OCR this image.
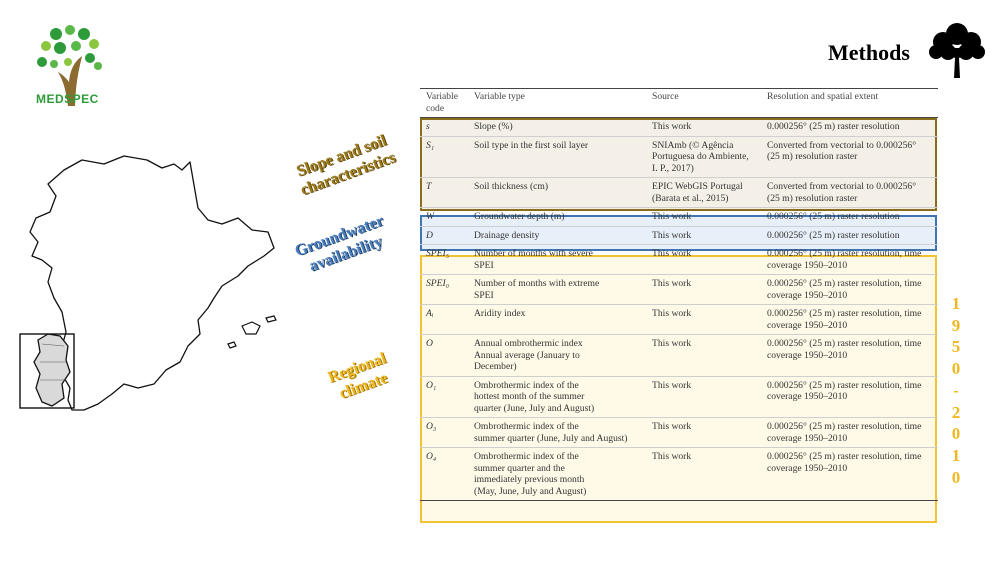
MEDSPEC
Methods
Variable
code	Variable type	Source	Resolution and spatial extent
s	Slope (%)	This work	0.000256° (25 m) raster resolution
S₁	Soil type in the first soil layer	SNIAmb (© Agência
Portuguesa do Ambiente,
I. P., 2017)	Converted from vectorial to 0.000256°
(25 m) resolution raster
T	Soil thickness (cm)	EPIC WebGIS Portugal
(Barata et al., 2015)	Converted from vectorial to 0.000256°
(25 m) resolution raster
W	Groundwater depth (m)	This work	0.000256° (25 m) raster resolution
D	Drainage density	This work	0.000256° (25 m) raster resolution
SPEI₅	Number of months with severe
SPEI	This work	0.000256° (25 m) raster resolution, time
coverage 1950–2010
SPEI₀	Number of months with extreme
SPEI	This work	0.000256° (25 m) raster resolution, time
coverage 1950–2010
Aᵢ	Aridity index	This work	0.000256° (25 m) raster resolution, time
coverage 1950–2010
O	Annual ombrothermic index
Annual average (January to
December)	This work	0.000256° (25 m) raster resolution, time
coverage 1950–2010
O₁	Ombrothermic index of the
hottest month of the summer
quarter (June, July and August)	This work	0.000256° (25 m) raster resolution, time
coverage 1950–2010
O₃	Ombrothermic index of the
summer quarter (June, July and August)	This work	0.000256° (25 m) raster resolution, time
coverage 1950–2010
O₄	Ombrothermic index of the
summer quarter and the
immediately previous month
(May, June, July and August)	This work	0.000256° (25 m) raster resolution, time
coverage 1950–2010
Slope and soil
characteristics
Groundwater
availability
Regional
climate
1
9
5
0
-
2
0
1
0
